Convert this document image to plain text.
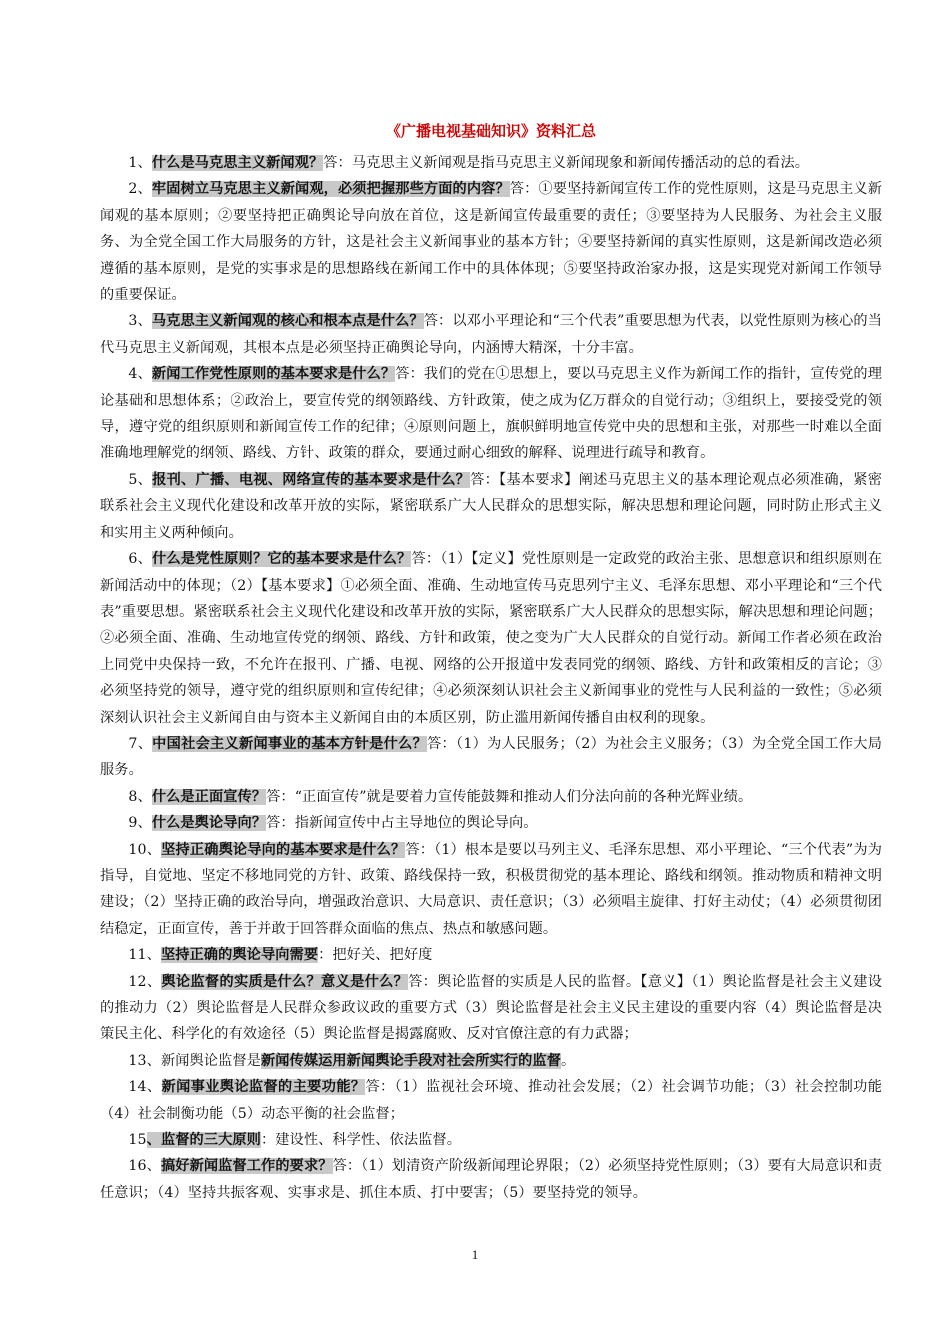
《广播电视基础知识》资料汇总

1、什么是马克思主义新闻观？答：马克思主义新闻观是指马克思主义新闻现象和新闻传播活动的总的看法。

2、牢固树立马克思主义新闻观，必须把握那些方面的内容？答：①要坚持新闻宣传工作的党性原则，这是马克思主义新闻观的基本原则；②要坚持把正确舆论导向放在首位，这是新闻宣传最重要的责任；③要坚持为人民服务、为社会主义服务、为全党全国工作大局服务的方针，这是社会主义新闻事业的基本方针；④要坚持新闻的真实性原则，这是新闻改造必须遵循的基本原则，是党的实事求是的思想路线在新闻工作中的具体体现；⑤要坚持政治家办报，这是实现党对新闻工作领导的重要保证。

3、马克思主义新闻观的核心和根本点是什么？答：以邓小平理论和“三个代表”重要思想为代表，以党性原则为核心的当代马克思主义新闻观，其根本点是必须坚持正确舆论导向，内涵博大精深，十分丰富。

4、新闻工作党性原则的基本要求是什么？答：我们的党在①思想上，要以马克思主义作为新闻工作的指针，宣传党的理论基础和思想体系；②政治上，要宣传党的纲领路线、方针政策，使之成为亿万群众的自觉行动；③组织上，要接受党的领导，遵守党的组织原则和新闻宣传工作的纪律；④原则问题上，旗帜鲜明地宣传党中央的思想和主张，对那些一时难以全面准确地理解党的纲领、路线、方针、政策的群众，要通过耐心细致的解释、说理进行疏导和教育。

5、报刊、广播、电视、网络宣传的基本要求是什么？答：【基本要求】阐述马克思主义的基本理论观点必须准确，紧密联系社会主义现代化建设和改革开放的实际，紧密联系广大人民群众的思想实际，解决思想和理论问题，同时防止形式主义和实用主义两种倾向。

6、什么是党性原则？它的基本要求是什么？答：（1）【定义】党性原则是一定政党的政治主张、思想意识和组织原则在新闻活动中的体现；（2）【基本要求】①必须全面、准确、生动地宣传马克思列宁主义、毛泽东思想、邓小平理论和“三个代表”重要思想。紧密联系社会主义现代化建设和改革开放的实际，紧密联系广大人民群众的思想实际，解决思想和理论问题；②必须全面、准确、生动地宣传党的纲领、路线、方针和政策，使之变为广大人民群众的自觉行动。新闻工作者必须在政治上同党中央保持一致，不允许在报刊、广播、电视、网络的公开报道中发表同党的纲领、路线、方针和政策相反的言论；③必须坚持党的领导，遵守党的组织原则和宣传纪律；④必须深刻认识社会主义新闻事业的党性与人民利益的一致性；⑤必须深刻认识社会主义新闻自由与资本主义新闻自由的本质区别，防止滥用新闻传播自由权利的现象。

7、中国社会主义新闻事业的基本方针是什么？答：（1）为人民服务；（2）为社会主义服务；（3）为全党全国工作大局服务。

8、什么是正面宣传？答：“正面宣传”就是要着力宣传能鼓舞和推动人们分法向前的各种光辉业绩。

9、什么是舆论导向？答：指新闻宣传中占主导地位的舆论导向。

10、坚持正确舆论导向的基本要求是什么？答：（1）根本是要以马列主义、毛泽东思想、邓小平理论、“三个代表”为为指导，自觉地、坚定不移地同党的方针、政策、路线保持一致，积极贯彻党的基本理论、路线和纲领。推动物质和精神文明建设；（2）坚持正确的政治导向，增强政治意识、大局意识、责任意识；（3）必须唱主旋律、打好主动仗；（4）必须贯彻团结稳定，正面宣传，善于并敢于回答群众面临的焦点、热点和敏感问题。

11、坚持正确的舆论导向需要：把好关、把好度

12、舆论监督的实质是什么？意义是什么？答：舆论监督的实质是人民的监督。【意义】（1）舆论监督是社会主义建设的推动力（2）舆论监督是人民群众参政议政的重要方式（3）舆论监督是社会主义民主建设的重要内容（4）舆论监督是决策民主化、科学化的有效途径（5）舆论监督是揭露腐败、反对官僚注意的有力武器；

13、新闻舆论监督是新闻传媒运用新闻舆论手段对社会所实行的监督。

14、新闻事业舆论监督的主要功能？答：（1）监视社会环境、推动社会发展；（2）社会调节功能；（3）社会控制功能（4）社会制衡功能（5）动态平衡的社会监督；

15、监督的三大原则：建设性、科学性、依法监督。

16、搞好新闻监督工作的要求？答：（1）划清资产阶级新闻理论界限；（2）必须坚持党性原则；（3）要有大局意识和责任意识；（4）坚持共振客观、实事求是、抓住本质、打中要害；（5）要坚持党的领导。

1
